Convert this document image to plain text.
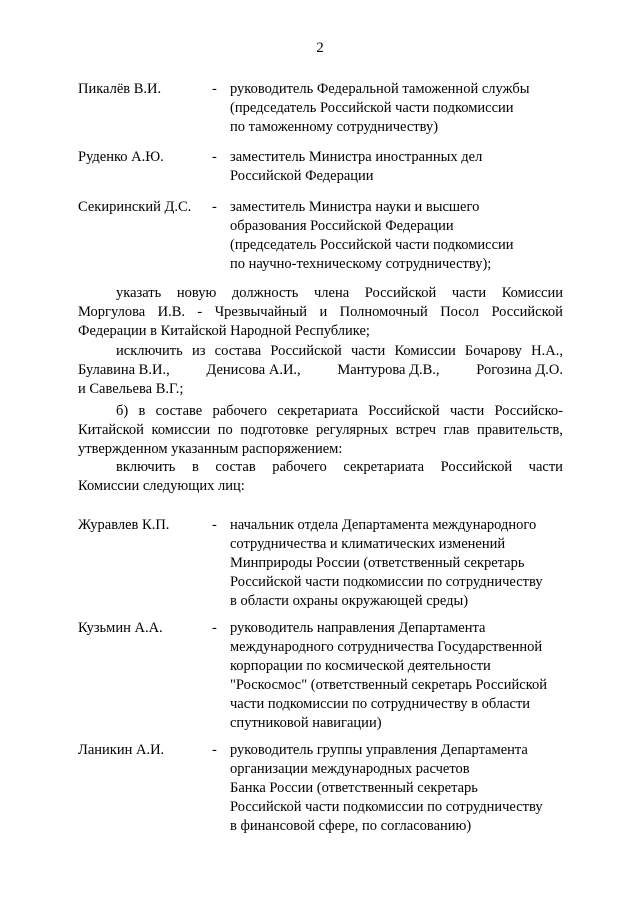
2
Пикалёв В.И.	- руководитель Федеральной таможенной службы
(председатель Российской части подкомиссии
по таможенному сотрудничеству)
Руденко А.Ю.	- заместитель Министра иностранных дел
Российской Федерации
Секиринский Д.С. - заместитель Министра науки и высшего
образования Российской Федерации
(председатель Российской части подкомиссии
по научно-техническому сотрудничеству);
указать новую должность члена Российской части Комиссии
Моргулова И.В. - Чрезвычайный и Полномочный Посол Российской
Федерации в Китайской Народной Республике;
исключить из состава Российской части Комиссии Бочарову Н.А.,
Булавина В.И.,	Денисова А.И.,	Мантурова Д.В.,	Рогозина Д.О.
и Савельева В.Г.;
б) в составе рабочего секретариата Российской части Российско-
Китайской комиссии по подготовке регулярных встреч глав правительств,
утвержденном указанным распоряжением:
включить в состав рабочего секретариата Российской части
Комиссии следующих лиц:
Журавлев К.П.	- начальник отдела Департамента международного
сотрудничества и климатических изменений
Минприроды России (ответственный секретарь
Российской части подкомиссии по сотрудничеству
в области охраны окружающей среды)
Кузьмин А.А.	- руководитель направления Департамента
международного сотрудничества Государственной
корпорации по космической деятельности
"Роскосмос" (ответственный секретарь Российской
части подкомиссии по сотрудничеству в области
спутниковой навигации)
Ланикин А.И.	- руководитель группы управления Департамента
организации международных расчетов
Банка России (ответственный секретарь
Российской части подкомиссии по сотрудничеству
в финансовой сфере, по согласованию)
